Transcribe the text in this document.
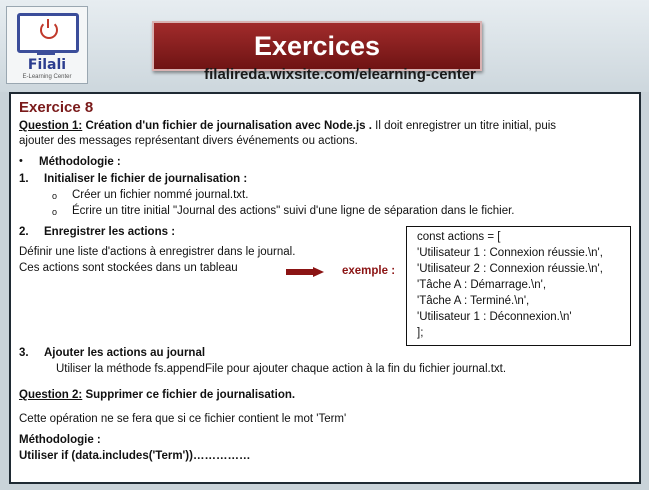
Filali
E-Learning Center
Exercices
filalireda.wixsite.com/elearning-center
Exercice 8
Question 1: Création d'un fichier de journalisation avec Node.js . Il doit enregistrer un titre initial, puis
ajouter des messages représentant divers événements ou actions.
• Méthodologie :
1. Initialiser le fichier de journalisation :
o Créer un fichier nommé journal.txt.
o Écrire un titre initial "Journal des actions" suivi d'une ligne de séparation dans le fichier.
2. Enregistrer les actions :
Définir une liste d'actions à enregistrer dans le journal.
Ces actions sont stockées dans un tableau	exemple :
const actions = [
'Utilisateur 1 : Connexion réussie.\n',
'Utilisateur 2 : Connexion réussie.\n',
'Tâche A : Démarrage.\n',
'Tâche A : Terminé.\n',
'Utilisateur 1 : Déconnexion.\n'
];
3. Ajouter les actions au journal
Utiliser la méthode fs.appendFile pour ajouter chaque action à la fin du fichier journal.txt.
Question 2: Supprimer ce fichier de journalisation.
Cette opération ne se fera que si ce fichier contient le mot 'Term'
Méthodologie :
Utiliser if (data.includes('Term'))……………
